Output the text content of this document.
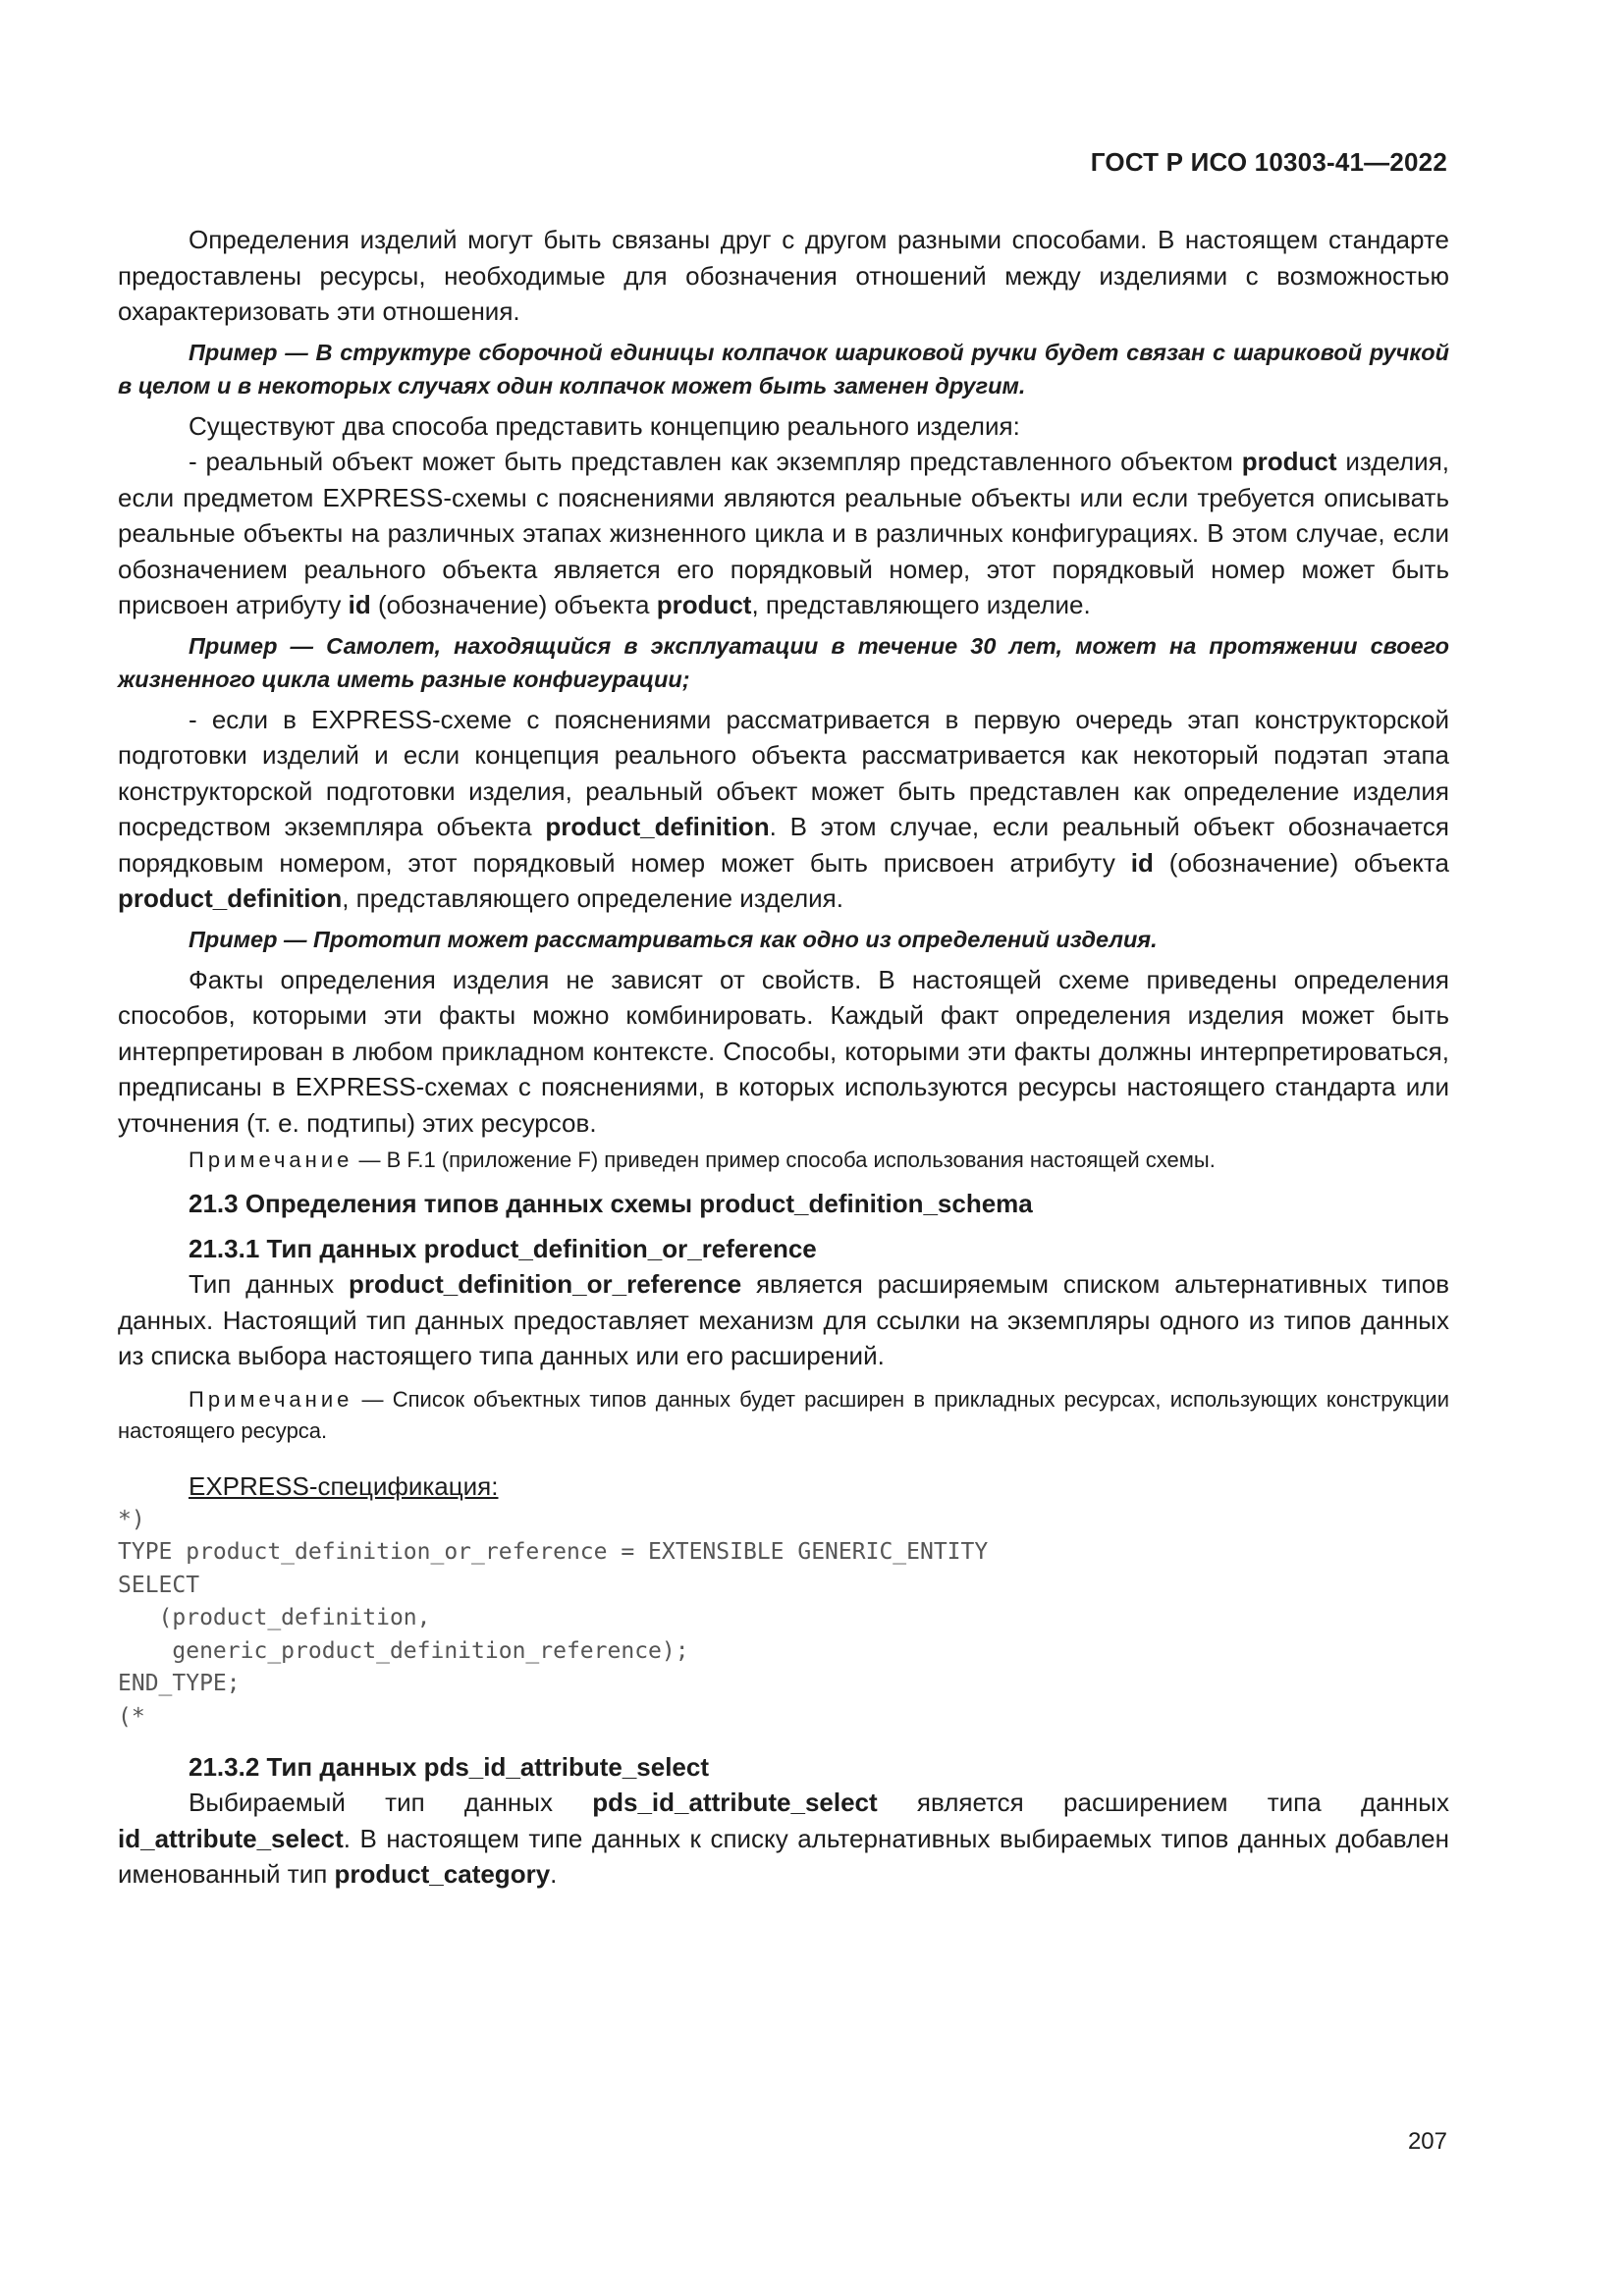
ГОСТ Р ИСО 10303-41—2022

Определения изделий могут быть связаны друг с другом разными способами. В настоящем стандарте предоставлены ресурсы, необходимые для обозначения отношений между изделиями с возможностью охарактеризовать эти отношения.

Пример — В структуре сборочной единицы колпачок шариковой ручки будет связан с шариковой ручкой в целом и в некоторых случаях один колпачок может быть заменен другим.

Существуют два способа представить концепцию реального изделия:

- реальный объект может быть представлен как экземпляр представленного объектом product изделия, если предметом EXPRESS-схемы с пояснениями являются реальные объекты или если требуется описывать реальные объекты на различных этапах жизненного цикла и в различных конфигурациях. В этом случае, если обозначением реального объекта является его порядковый номер, этот порядковый номер может быть присвоен атрибуту id (обозначение) объекта product, представляющего изделие.

Пример — Самолет, находящийся в эксплуатации в течение 30 лет, может на протяжении своего жизненного цикла иметь разные конфигурации;

- если в EXPRESS-схеме с пояснениями рассматривается в первую очередь этап конструкторской подготовки изделий и если концепция реального объекта рассматривается как некоторый подэтап этапа конструкторской подготовки изделия, реальный объект может быть представлен как определение изделия посредством экземпляра объекта product_definition. В этом случае, если реальный объект обозначается порядковым номером, этот порядковый номер может быть присвоен атрибуту id (обозначение) объекта product_definition, представляющего определение изделия.

Пример — Прототип может рассматриваться как одно из определений изделия.

Факты определения изделия не зависят от свойств. В настоящей схеме приведены определения способов, которыми эти факты можно комбинировать. Каждый факт определения изделия может быть интерпретирован в любом прикладном контексте. Способы, которыми эти факты должны интерпретироваться, предписаны в EXPRESS-схемах с пояснениями, в которых используются ресурсы настоящего стандарта или уточнения (т. е. подтипы) этих ресурсов.

Примечание — В F.1 (приложение F) приведен пример способа использования настоящей схемы.

21.3 Определения типов данных схемы product_definition_schema

21.3.1 Тип данных product_definition_or_reference

Тип данных product_definition_or_reference является расширяемым списком альтернативных типов данных. Настоящий тип данных предоставляет механизм для ссылки на экземпляры одного из типов данных из списка выбора настоящего типа данных или его расширений.

Примечание — Список объектных типов данных будет расширен в прикладных ресурсах, использующих конструкции настоящего ресурса.

EXPRESS-спецификация:

*)
TYPE product_definition_or_reference = EXTENSIBLE GENERIC_ENTITY
SELECT
(product_definition,
generic_product_definition_reference);
END_TYPE;
(*

21.3.2 Тип данных pds_id_attribute_select

Выбираемый тип данных pds_id_attribute_select является расширением типа данных id_attribute_select. В настоящем типе данных к списку альтернативных выбираемых типов данных добавлен именованный тип product_category.

207
